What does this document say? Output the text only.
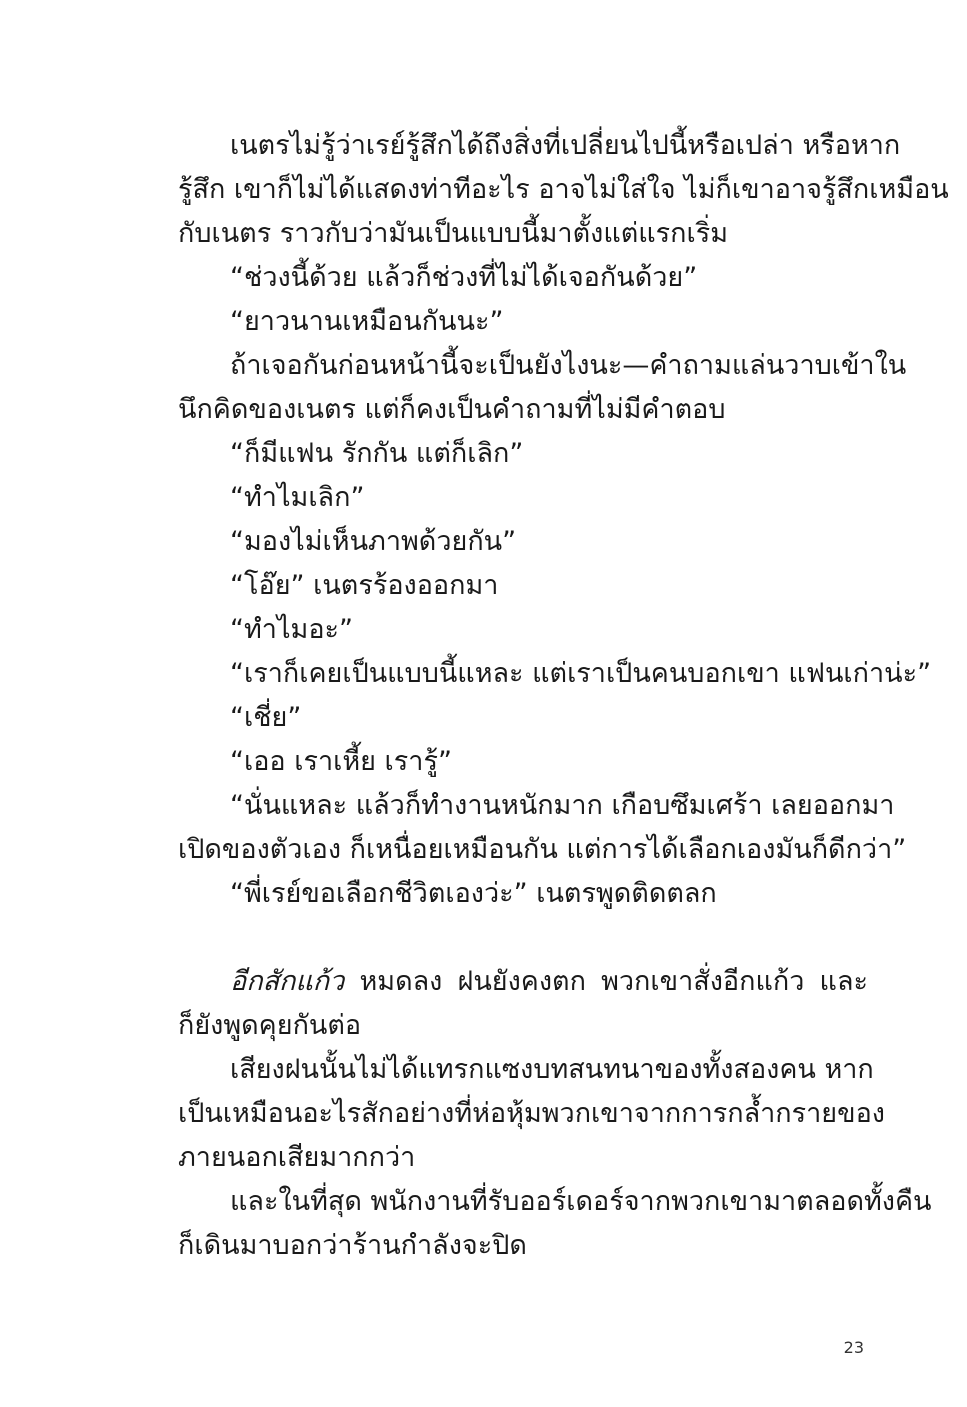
เนตรไม่รู้ว่าเรย์รู้สึกได้ถึงสิ่งที่เปลี่ยนไปนี้หรือเปล่า หรือหาก
รู้สึก เขาก็ไม่ได้แสดงท่าทีอะไร อาจไม่ใส่ใจ ไม่ก็เขาอาจรู้สึกเหมือน
กับเนตร ราวกับว่ามันเป็นแบบนี้มาตั้งแต่แรกเริ่ม
“ช่วงนี้ด้วย แล้วก็ช่วงที่ไม่ได้เจอกันด้วย”
“ยาวนานเหมือนกันนะ”
ถ้าเจอกันก่อนหน้านี้จะเป็นยังไงนะ—คำถามแล่นวาบเข้าใน
นึกคิดของเนตร แต่ก็คงเป็นคำถามที่ไม่มีคำตอบ
“ก็มีแฟน รักกัน แต่ก็เลิก”
“ทำไมเลิก”
“มองไม่เห็นภาพด้วยกัน”
“โอ๊ย” เนตรร้องออกมา
“ทำไมอะ”
“เราก็เคยเป็นแบบนี้แหละ แต่เราเป็นคนบอกเขา แฟนเก่าน่ะ”
“เชี่ย”
“เออ เราเหี้ย เรารู้”
“นั่นแหละ แล้วก็ทำงานหนักมาก เกือบซึมเศร้า เลยออกมา
เปิดของตัวเอง ก็เหนื่อยเหมือนกัน แต่การได้เลือกเองมันก็ดีกว่า”
“พี่เรย์ขอเลือกชีวิตเองว่ะ” เนตรพูดติดตลก
อีกสักแก้ว หมดลง ฝนยังคงตก พวกเขาสั่งอีกแก้ว และ
ก็ยังพูดคุยกันต่อ
เสียงฝนนั้นไม่ได้แทรกแซงบทสนทนาของทั้งสองคน หาก
เป็นเหมือนอะไรสักอย่างที่ห่อหุ้มพวกเขาจากการกล้ำกรายของ
ภายนอกเสียมากกว่า
และในที่สุด พนักงานที่รับออร์เดอร์จากพวกเขามาตลอดทั้งคืน
ก็เดินมาบอกว่าร้านกำลังจะปิด
23
